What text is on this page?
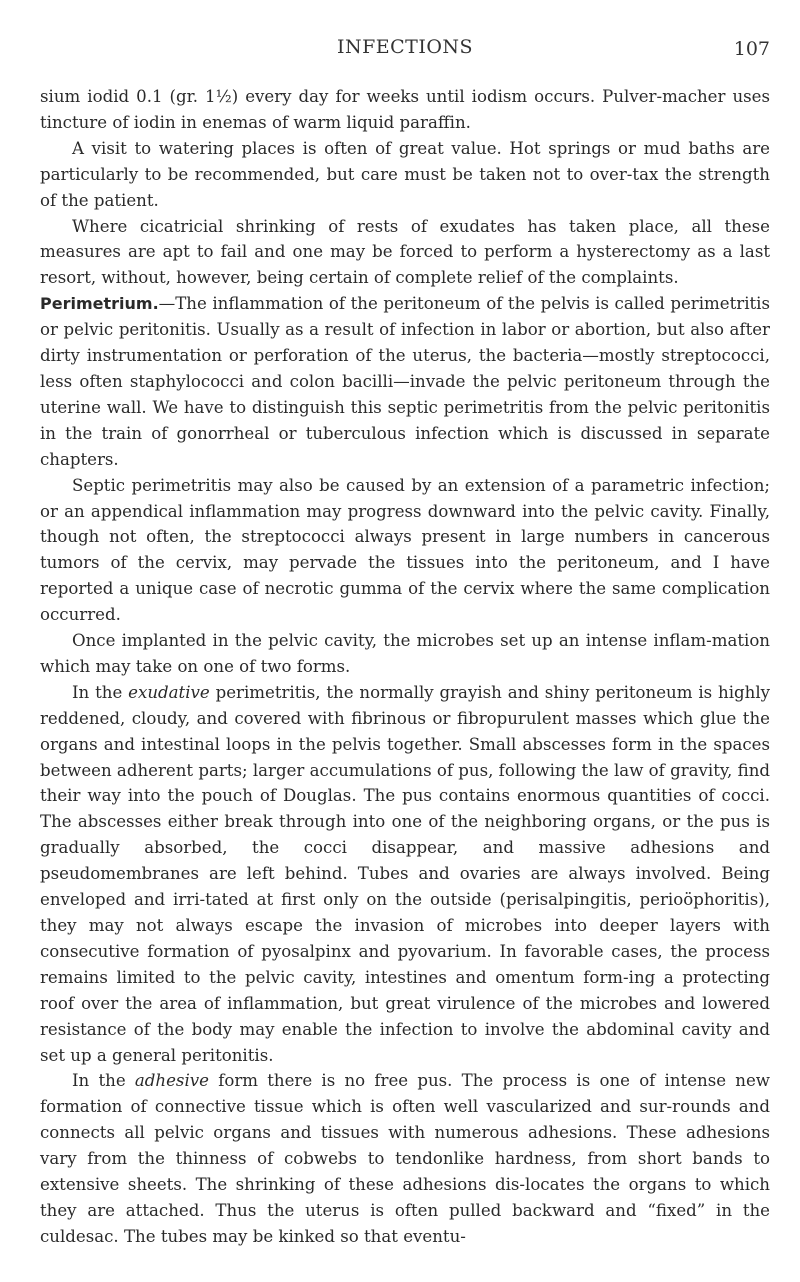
INFECTIONS	107

sium iodid 0.1 (gr. 1½) every day for weeks until iodism occurs. Pulver-macher uses tincture of iodin in enemas of warm liquid paraffin.

A visit to watering places is often of great value. Hot springs or mud baths are particularly to be recommended, but care must be taken not to over-tax the strength of the patient.

Where cicatricial shrinking of rests of exudates has taken place, all these measures are apt to fail and one may be forced to perform a hysterectomy as a last resort, without, however, being certain of complete relief of the complaints.

Perimetrium.—The inflammation of the peritoneum of the pelvis is called perimetritis or pelvic peritonitis. Usually as a result of infection in labor or abortion, but also after dirty instrumentation or perforation of the uterus, the bacteria—mostly streptococci, less often staphylococci and colon bacilli—invade the pelvic peritoneum through the uterine wall. We have to distinguish this septic perimetritis from the pelvic peritonitis in the train of gonorrheal or tuberculous infection which is discussed in separate chapters.

Septic perimetritis may also be caused by an extension of a parametric infection; or an appendical inflammation may progress downward into the pelvic cavity. Finally, though not often, the streptococci always present in large numbers in cancerous tumors of the cervix, may pervade the tissues into the peritoneum, and I have reported a unique case of necrotic gumma of the cervix where the same complication occurred.

Once implanted in the pelvic cavity, the microbes set up an intense inflam-mation which may take on one of two forms.

In the exudative perimetritis, the normally grayish and shiny peritoneum is highly reddened, cloudy, and covered with fibrinous or fibropurulent masses which glue the organs and intestinal loops in the pelvis together. Small abscesses form in the spaces between adherent parts; larger accumulations of pus, following the law of gravity, find their way into the pouch of Douglas. The pus contains enormous quantities of cocci. The abscesses either break through into one of the neighboring organs, or the pus is gradually absorbed, the cocci disappear, and massive adhesions and pseudomembranes are left behind. Tubes and ovaries are always involved. Being enveloped and irri-tated at first only on the outside (perisalpingitis, perioöphoritis), they may not always escape the invasion of microbes into deeper layers with consecutive formation of pyosalpinx and pyovarium. In favorable cases, the process remains limited to the pelvic cavity, intestines and omentum form-ing a protecting roof over the area of inflammation, but great virulence of the microbes and lowered resistance of the body may enable the infection to involve the abdominal cavity and set up a general peritonitis.

In the adhesive form there is no free pus. The process is one of intense new formation of connective tissue which is often well vascularized and sur-rounds and connects all pelvic organs and tissues with numerous adhesions. These adhesions vary from the thinness of cobwebs to tendonlike hardness, from short bands to extensive sheets. The shrinking of these adhesions dis-locates the organs to which they are attached. Thus the uterus is often pulled backward and “fixed” in the culdesac. The tubes may be kinked so that eventu-
